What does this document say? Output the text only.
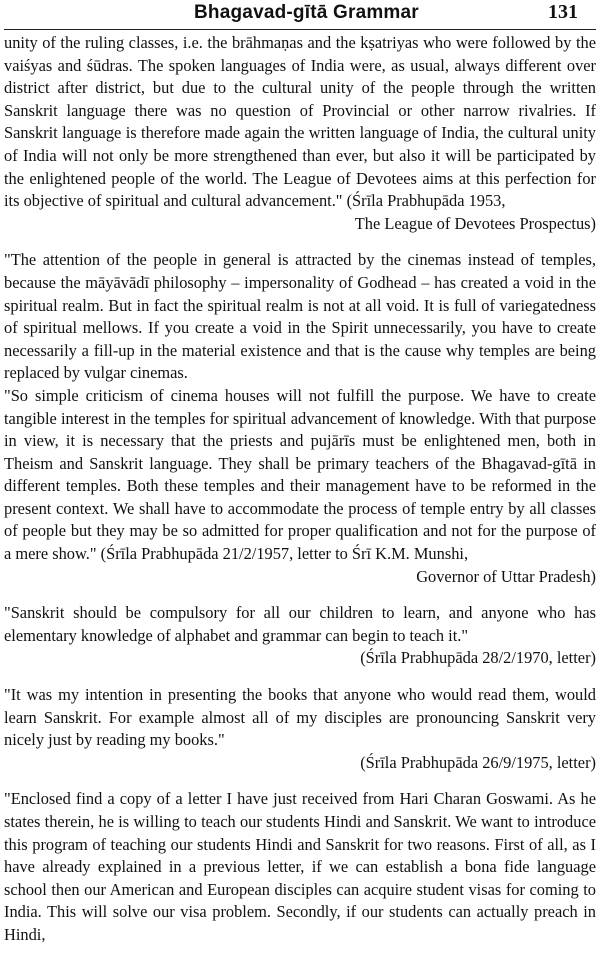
Bhagavad-gītā Grammar	131

unity of the ruling classes, i.e. the brāhmaṇas and the kṣatriyas who were followed by the vaiśyas and śūdras. The spoken languages of India were, as usual, always different over district after district, but due to the cultural unity of the people through the written Sanskrit language there was no question of Provincial or other narrow rivalries. If Sanskrit language is therefore made again the written language of India, the cultural unity of India will not only be more strengthened than ever, but also it will be participated by the enlightened people of the world. The League of Devotees aims at this perfection for its objective of spiritual and cultural advancement." (Śrīla Prabhupāda 1953,

The League of Devotees Prospectus)

"The attention of the people in general is attracted by the cinemas instead of temples, because the māyāvādī philosophy – impersonality of Godhead – has created a void in the spiritual realm. But in fact the spiritual realm is not at all void. It is full of variegatedness of spiritual mellows. If you create a void in the Spirit unnecessarily, you have to create necessarily a fill-up in the material existence and that is the cause why temples are being replaced by vulgar cinemas.

"So simple criticism of cinema houses will not fulfill the purpose. We have to create tangible interest in the temples for spiritual advancement of knowledge. With that purpose in view, it is necessary that the priests and pujārīs must be enlightened men, both in Theism and Sanskrit language. They shall be primary teachers of the Bhagavad-gītā in different temples. Both these temples and their management have to be reformed in the present context. We shall have to accommodate the process of temple entry by all classes of people but they may be so admitted for proper qualification and not for the purpose of a mere show." (Śrīla Prabhupāda 21/2/1957, letter to Śrī K.M. Munshi,

Governor of Uttar Pradesh)

"Sanskrit should be compulsory for all our children to learn, and anyone who has elementary knowledge of alphabet and grammar can begin to teach it."

(Śrīla Prabhupāda 28/2/1970, letter)

"It was my intention in presenting the books that anyone who would read them, would learn Sanskrit. For example almost all of my disciples are pronouncing Sanskrit very nicely just by reading my books."

(Śrīla Prabhupāda 26/9/1975, letter)

"Enclosed find a copy of a letter I have just received from Hari Charan Goswami. As he states therein, he is willing to teach our students Hindi and Sanskrit. We want to introduce this program of teaching our students Hindi and Sanskrit for two reasons. First of all, as I have already explained in a previous letter, if we can establish a bona fide language school then our American and European disciples can acquire student visas for coming to India. This will solve our visa problem. Secondly, if our students can actually preach in Hindi,
